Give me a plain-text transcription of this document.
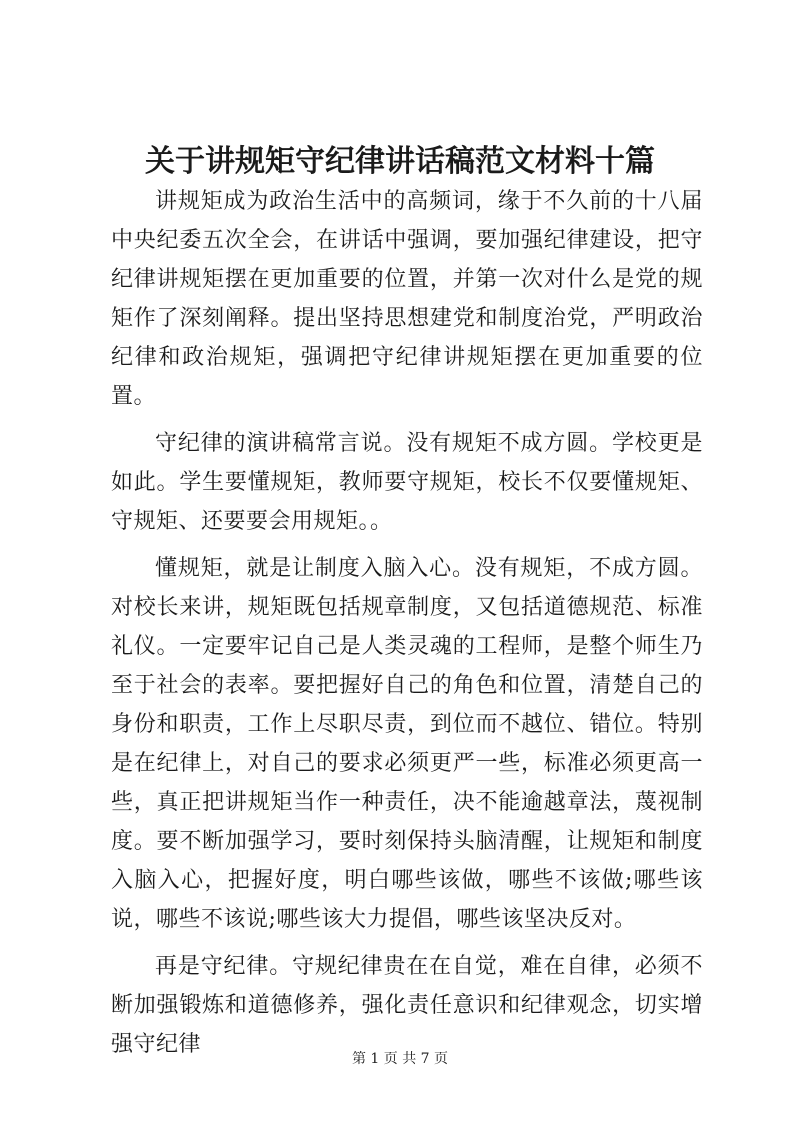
关于讲规矩守纪律讲话稿范文材料十篇

讲规矩成为政治生活中的高频词，缘于不久前的十八届中央纪委五次全会，在讲话中强调，要加强纪律建设，把守纪律讲规矩摆在更加重要的位置，并第一次对什么是党的规矩作了深刻阐释。提出坚持思想建党和制度治党，严明政治纪律和政治规矩，强调把守纪律讲规矩摆在更加重要的位置。

守纪律的演讲稿常言说。没有规矩不成方圆。学校更是如此。学生要懂规矩，教师要守规矩，校长不仅要懂规矩、守规矩、还要要会用规矩。。

懂规矩，就是让制度入脑入心。没有规矩，不成方圆。对校长来讲，规矩既包括规章制度，又包括道德规范、标准礼仪。一定要牢记自己是人类灵魂的工程师，是整个师生乃至于社会的表率。要把握好自己的角色和位置，清楚自己的身份和职责，工作上尽职尽责，到位而不越位、错位。特别是在纪律上，对自己的要求必须更严一些，标准必须更高一些，真正把讲规矩当作一种责任，决不能逾越章法，蔑视制度。要不断加强学习，要时刻保持头脑清醒，让规矩和制度入脑入心，把握好度，明白哪些该做，哪些不该做;哪些该说，哪些不该说;哪些该大力提倡，哪些该坚决反对。

再是守纪律。守规纪律贵在在自觉，难在自律，必须不断加强锻炼和道德修养，强化责任意识和纪律观念，切实增强守纪律

第 1 页 共 7 页
